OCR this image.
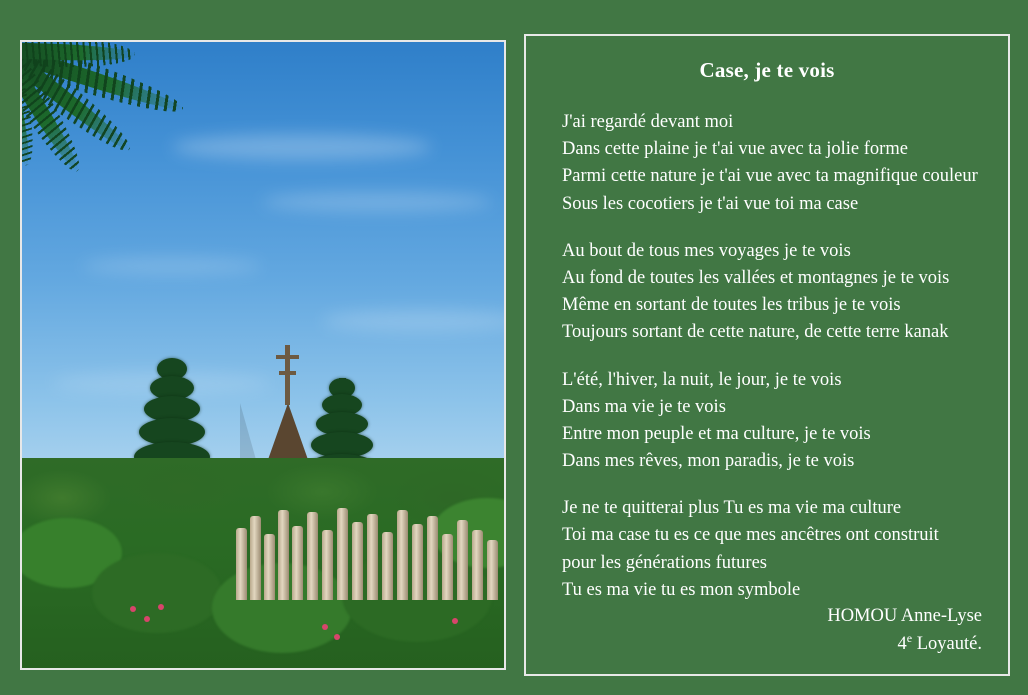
Case, je te vois
J'ai regardé devant moi
Dans cette plaine je t'ai vue avec ta jolie forme
Parmi cette nature je t'ai vue avec ta magnifique couleur
Sous les cocotiers je t'ai vue toi ma case
Au bout de tous mes voyages je te vois
Au fond de toutes les vallées et montagnes je te vois
Même en sortant de toutes les tribus je te vois
Toujours sortant de cette nature, de cette terre kanak
L'été, l'hiver, la nuit, le jour, je te vois
Dans ma vie je te vois
Entre mon peuple et ma culture, je te vois
Dans mes rêves, mon paradis, je te vois
Je ne te quitterai plus Tu es ma vie ma culture
Toi ma case tu es ce que mes ancêtres ont construit
pour les générations futures
Tu es ma vie tu es mon symbole
HOMOU Anne-Lyse
4e Loyauté.
